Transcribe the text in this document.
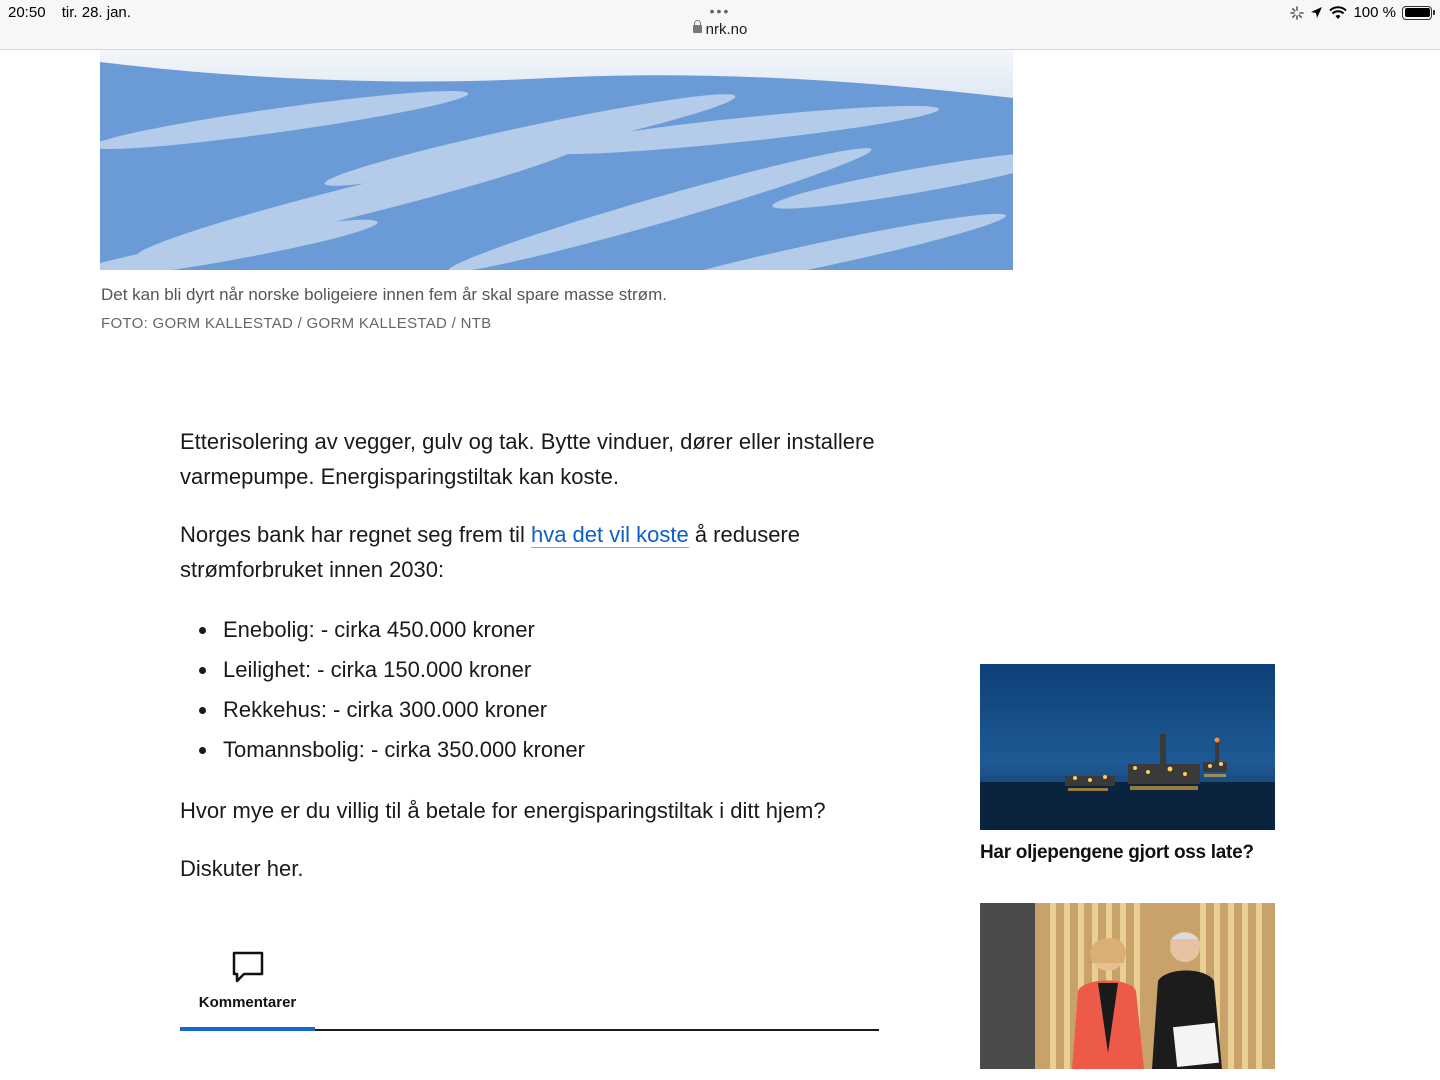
20:50 tir. 28. jan.	•••
nrk.no
100 %
Det kan bli dyrt når norske boligeiere innen fem år skal spare masse strøm.
FOTO: GORM KALLESTAD / GORM KALLESTAD / NTB

Etterisolering av vegger, gulv og tak. Bytte vinduer, dører eller installere varmepumpe. Energisparingstiltak kan koste.

Norges bank har regnet seg frem til hva det vil koste å redusere strømforbruket innen 2030:

Enebolig: - cirka 450.000 kroner
Leilighet: - cirka 150.000 kroner
Rekkehus: - cirka 300.000 kroner
Tomannsbolig: - cirka 350.000 kroner

Hvor mye er du villig til å betale for energisparingstiltak i ditt hjem?

Diskuter her.

Kommentarer
Har oljepengene gjort oss late?
